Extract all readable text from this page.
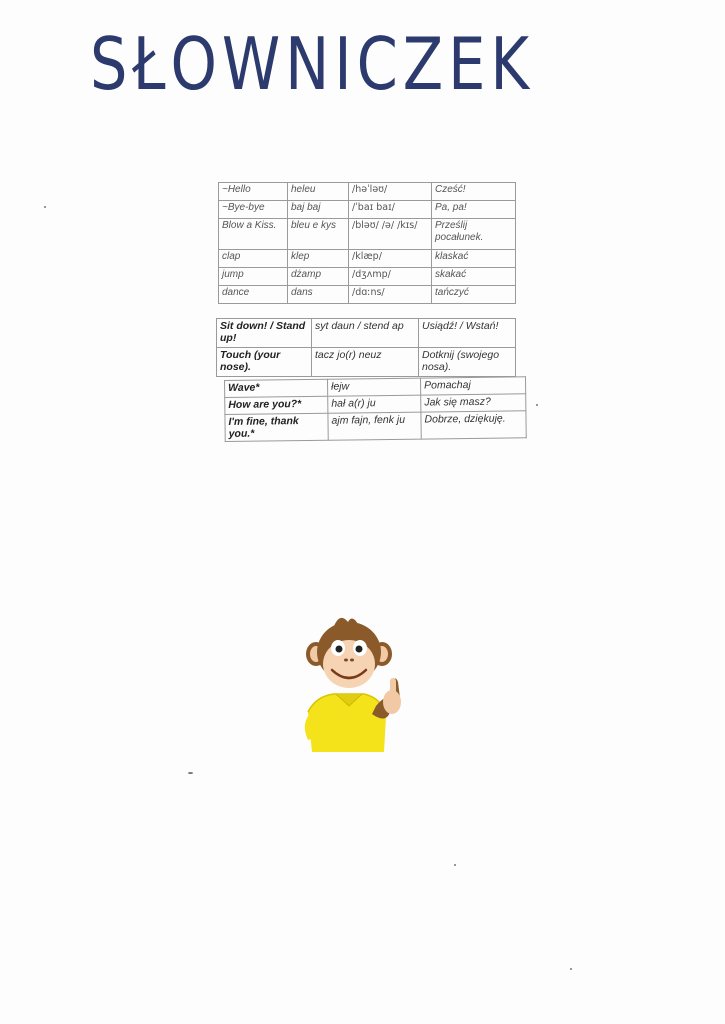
SŁOWNICZEK
~Hello	heleu	/həˈləʊ/	Cześć!
~Bye-bye	baj baj	/ˈbaɪ baɪ/	Pa, pa!
Blow a Kiss.	bleu e kys	/bləʊ/ /ə/ /kɪs/	Prześlij pocałunek.
clap	klep	/klæp/	klaskać
jump	dżamp	/dʒʌmp/	skakać
dance	dans	/dɑːns/	tańczyć
Sit down! / Stand up!	syt daun / stend ap	Usiądź! / Wstań!
Touch (your nose).	tacz jo(r) neuz	Dotknij (swojego nosa).
Wave*	łejw	Pomachaj
How are you?*	hał a(r) ju	Jak się masz?
I'm fine, thank you.*	ajm fajn, fenk ju	Dobrze, dziękuję.
